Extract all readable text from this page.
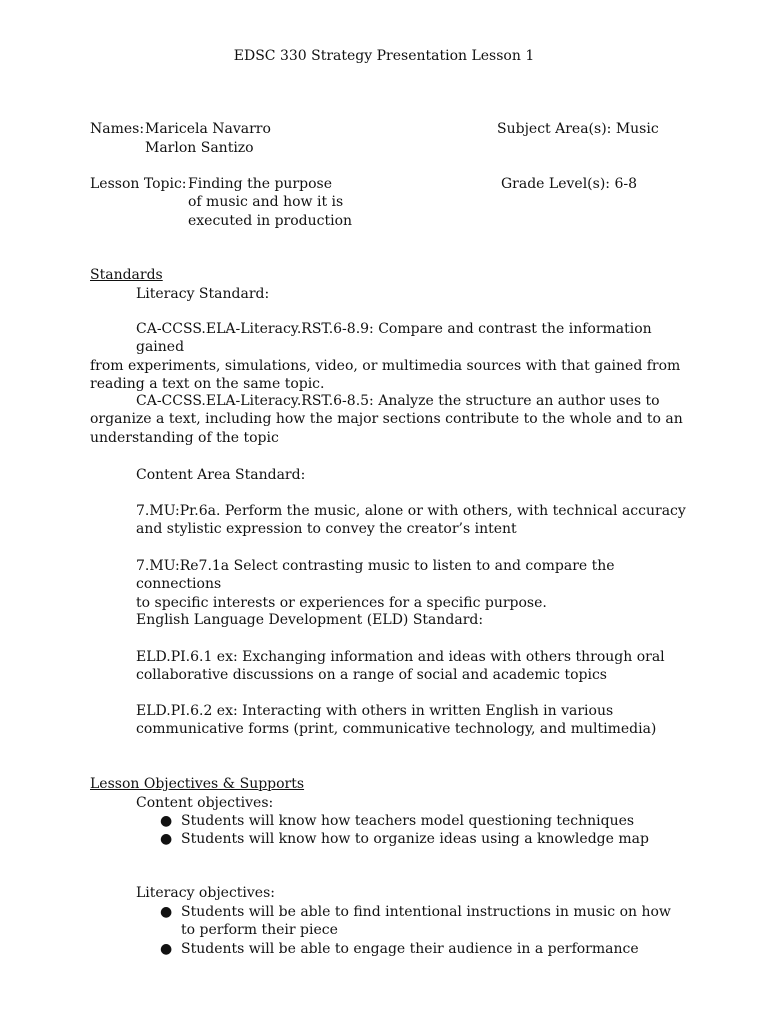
EDSC 330 Strategy Presentation Lesson 1
Names: Maricela Navarro
Marlon Santizo
Subject Area(s): Music
Lesson Topic: Finding the purpose
of music and how it is
executed in production
Grade Level(s): 6-8
Standards
Literacy Standard:
CA-CCSS.ELA-Literacy.RST.6-8.9: Compare and contrast the information gained
from experiments, simulations, video, or multimedia sources with that gained from
reading a text on the same topic.
CA-CCSS.ELA-Literacy.RST.6-8.5: Analyze the structure an author uses to
organize a text, including how the major sections contribute to the whole and to an
understanding of the topic
Content Area Standard:
7.MU:Pr.6a. Perform the music, alone or with others, with technical accuracy
and stylistic expression to convey the creator’s intent
7.MU:Re7.1a Select contrasting music to listen to and compare the connections
to specific interests or experiences for a specific purpose.
English Language Development (ELD) Standard:
ELD.PI.6.1 ex: Exchanging information and ideas with others through oral
collaborative discussions on a range of social and academic topics
ELD.PI.6.2 ex: Interacting with others in written English in various
communicative forms (print, communicative technology, and multimedia)
Lesson Objectives & Supports
Content objectives:
● Students will know how teachers model questioning techniques
● Students will know how to organize ideas using a knowledge map
Literacy objectives:
● Students will be able to find intentional instructions in music on how to perform their piece
● Students will be able to engage their audience in a performance
